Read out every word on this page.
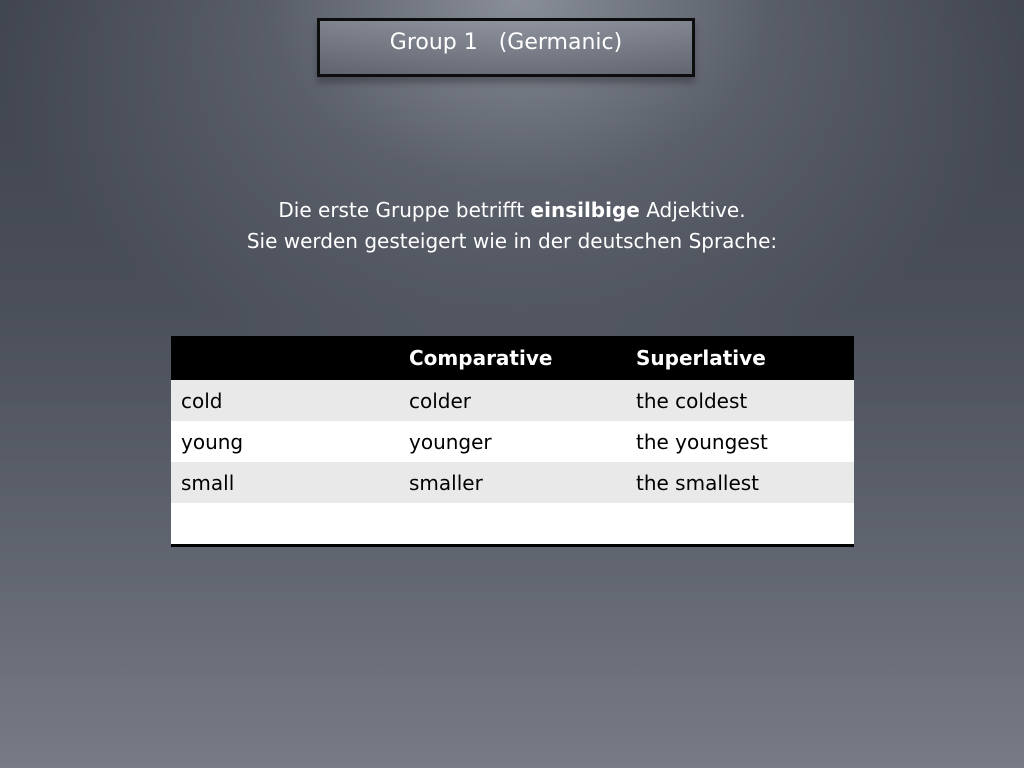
Group 1   (Germanic)
Die erste Gruppe betrifft einsilbige Adjektive.
Sie werden gesteigert wie in der deutschen Sprache:
	Comparative	Superlative
cold	colder	the coldest
young	younger	the youngest
small	smaller	the smallest
